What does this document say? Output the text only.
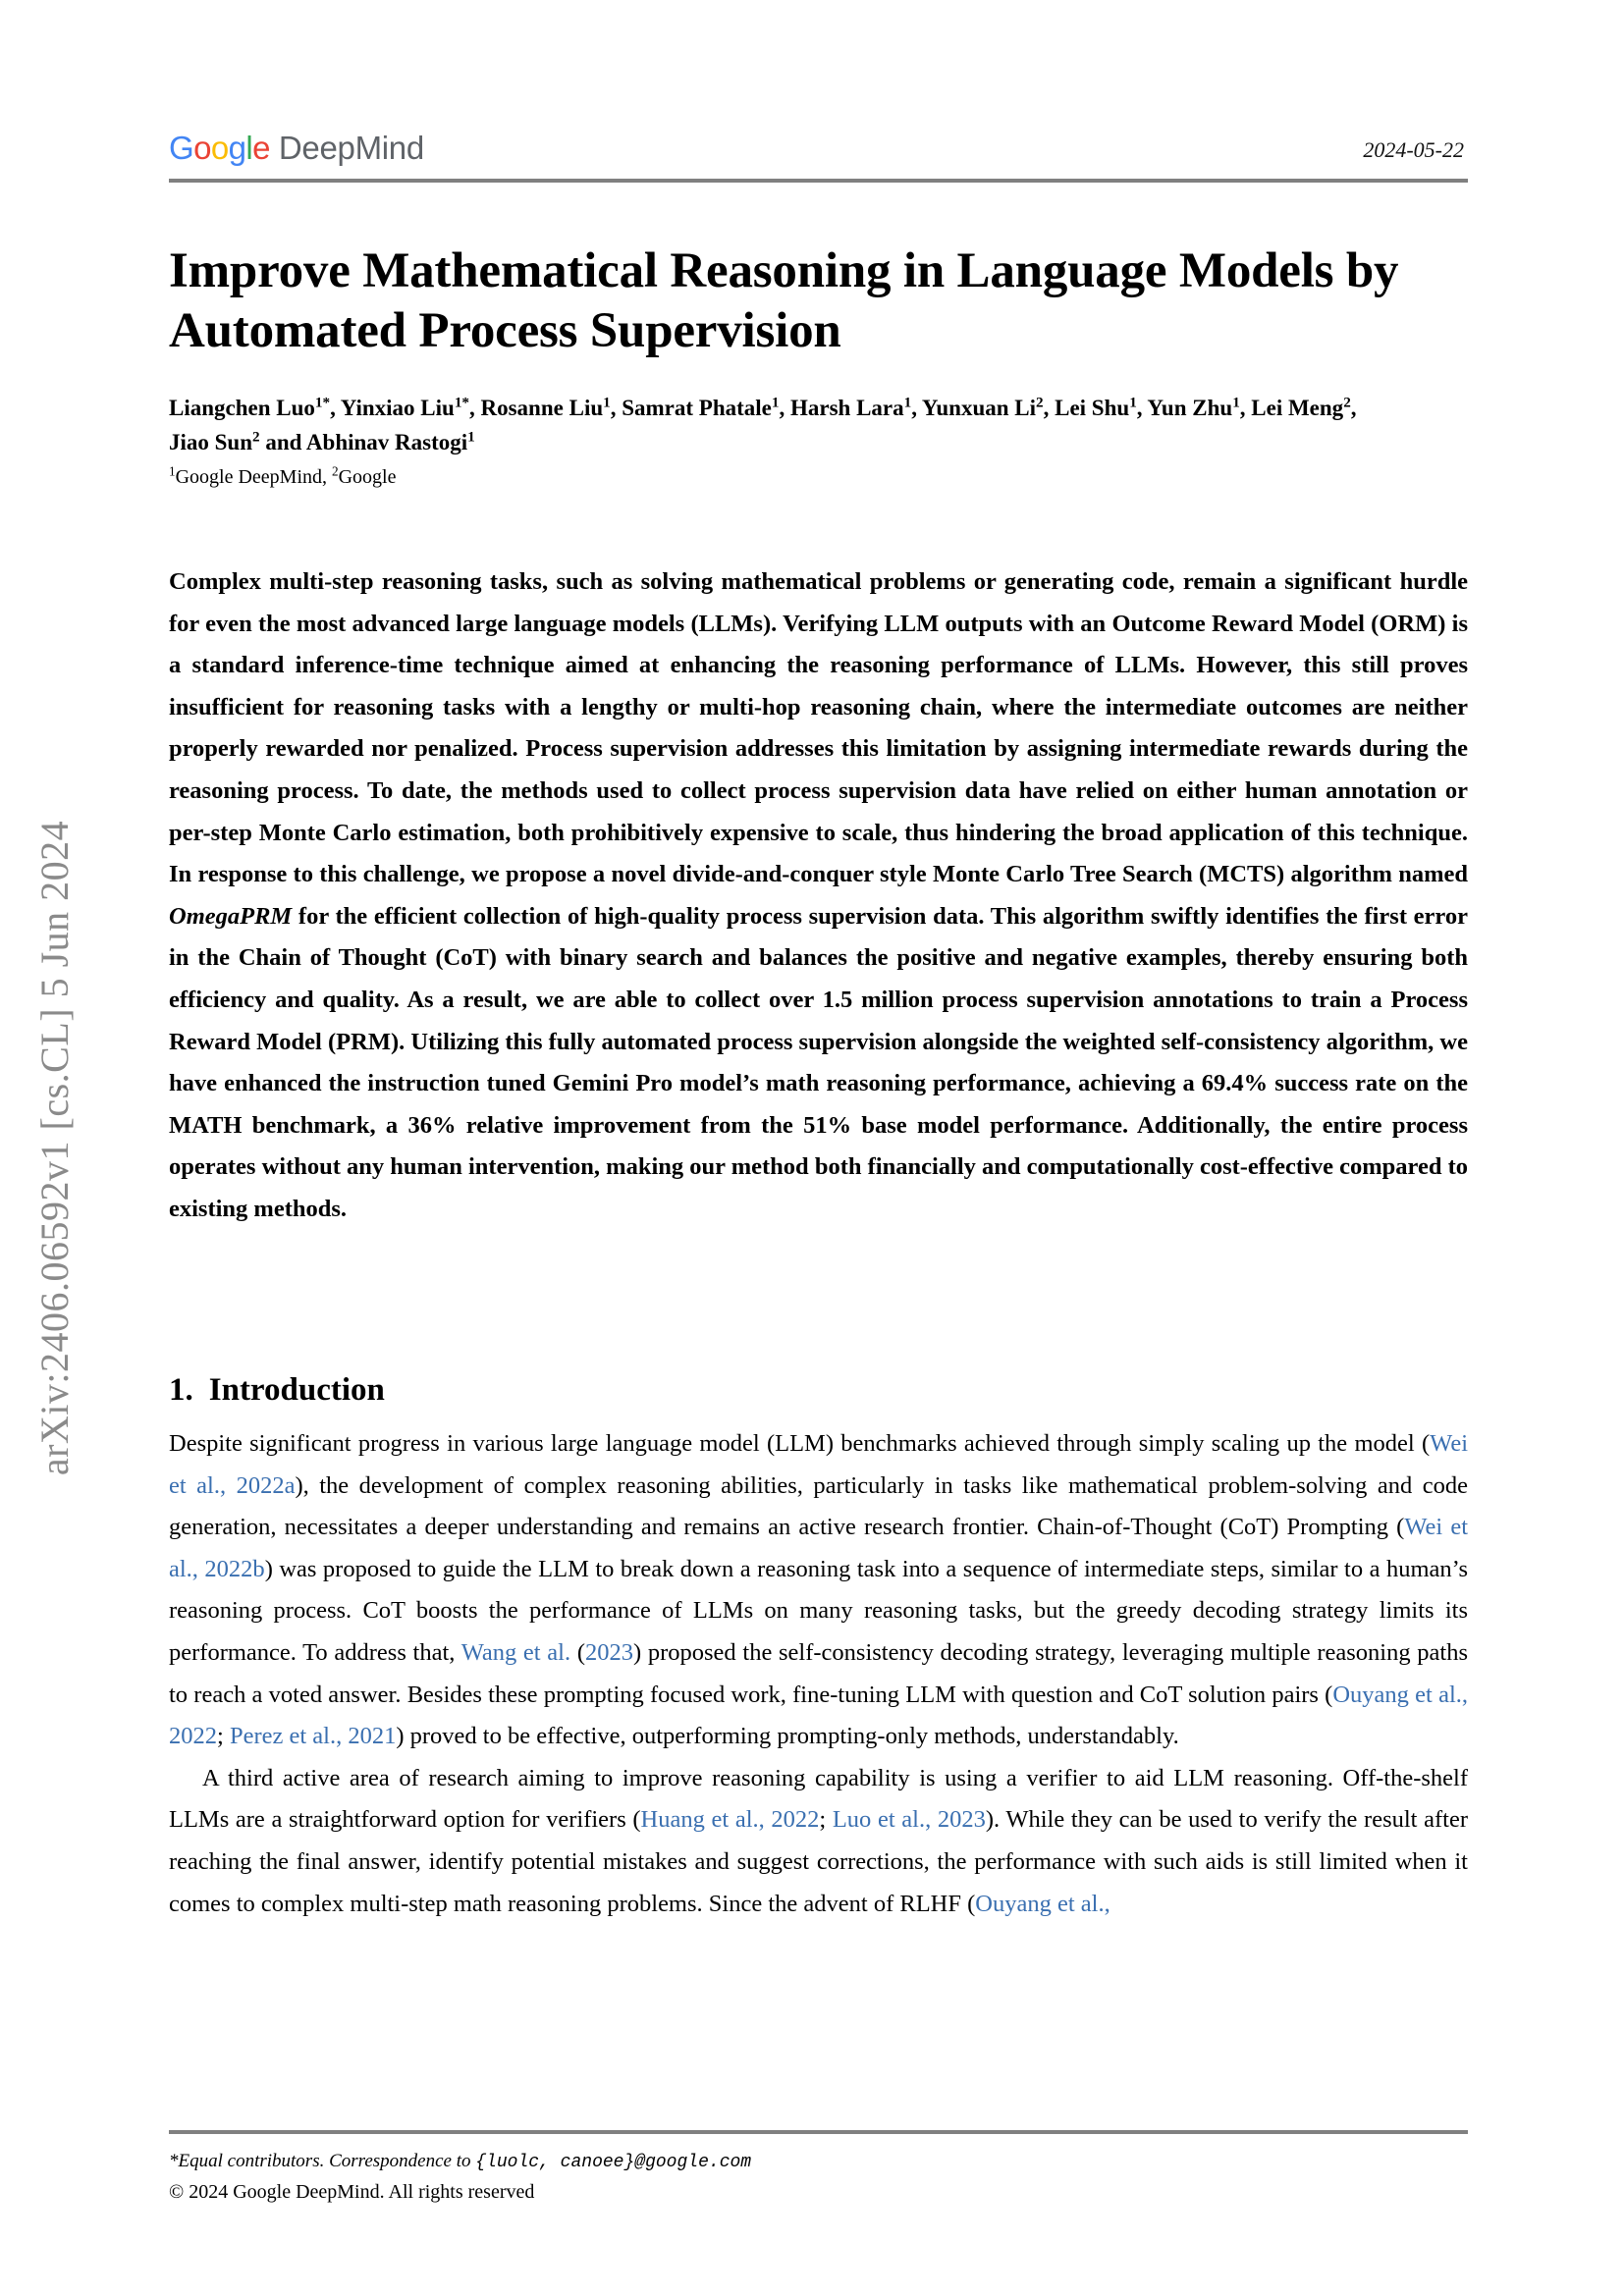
arXiv:2406.06592v1 [cs.CL] 5 Jun 2024
Google DeepMind	2024-05-22
Improve Mathematical Reasoning in Language Models by Automated Process Supervision
Liangchen Luo$^{1*}$, Yinxiao Liu$^{1*}$, Rosanne Liu$^1$, Samrat Phatale$^1$, Harsh Lara$^1$, Yunxuan Li$^2$, Lei Shu$^1$, Yun Zhu$^1$, Lei Meng$^2$, Jiao Sun$^2$ and Abhinav Rastogi$^1$
$^1$Google DeepMind, $^2$Google
Complex multi-step reasoning tasks, such as solving mathematical problems or generating code, remain a significant hurdle for even the most advanced large language models (LLMs). Verifying LLM outputs with an Outcome Reward Model (ORM) is a standard inference-time technique aimed at enhancing the reasoning performance of LLMs. However, this still proves insufficient for reasoning tasks with a lengthy or multi-hop reasoning chain, where the intermediate outcomes are neither properly rewarded nor penalized. Process supervision addresses this limitation by assigning intermediate rewards during the reasoning process. To date, the methods used to collect process supervision data have relied on either human annotation or per-step Monte Carlo estimation, both prohibitively expensive to scale, thus hindering the broad application of this technique. In response to this challenge, we propose a novel divide-and-conquer style Monte Carlo Tree Search (MCTS) algorithm named OmegaPRM for the efficient collection of high-quality process supervision data. This algorithm swiftly identifies the first error in the Chain of Thought (CoT) with binary search and balances the positive and negative examples, thereby ensuring both efficiency and quality. As a result, we are able to collect over 1.5 million process supervision annotations to train a Process Reward Model (PRM). Utilizing this fully automated process supervision alongside the weighted self-consistency algorithm, we have enhanced the instruction tuned Gemini Pro model’s math reasoning performance, achieving a 69.4% success rate on the MATH benchmark, a 36% relative improvement from the 51% base model performance. Additionally, the entire process operates without any human intervention, making our method both financially and computationally cost-effective compared to existing methods.
1. Introduction

Despite significant progress in various large language model (LLM) benchmarks achieved through simply scaling up the model (Wei et al., 2022a), the development of complex reasoning abilities, particularly in tasks like mathematical problem-solving and code generation, necessitates a deeper understanding and remains an active research frontier. Chain-of-Thought (CoT) Prompting (Wei et al., 2022b) was proposed to guide the LLM to break down a reasoning task into a sequence of intermediate steps, similar to a human’s reasoning process. CoT boosts the performance of LLMs on many reasoning tasks, but the greedy decoding strategy limits its performance. To address that, Wang et al. (2023) proposed the self-consistency decoding strategy, leveraging multiple reasoning paths to reach a voted answer. Besides these prompting focused work, fine-tuning LLM with question and CoT solution pairs (Ouyang et al., 2022; Perez et al., 2021) proved to be effective, outperforming prompting-only methods, understandably.

A third active area of research aiming to improve reasoning capability is using a verifier to aid LLM reasoning. Off-the-shelf LLMs are a straightforward option for verifiers (Huang et al., 2022; Luo et al., 2023). While they can be used to verify the result after reaching the final answer, identify potential mistakes and suggest corrections, the performance with such aids is still limited when it comes to complex multi-step math reasoning problems. Since the advent of RLHF (Ouyang et al.,

*Equal contributors. Correspondence to {luolc, canoee}@google.com
© 2024 Google DeepMind. All rights reserved
